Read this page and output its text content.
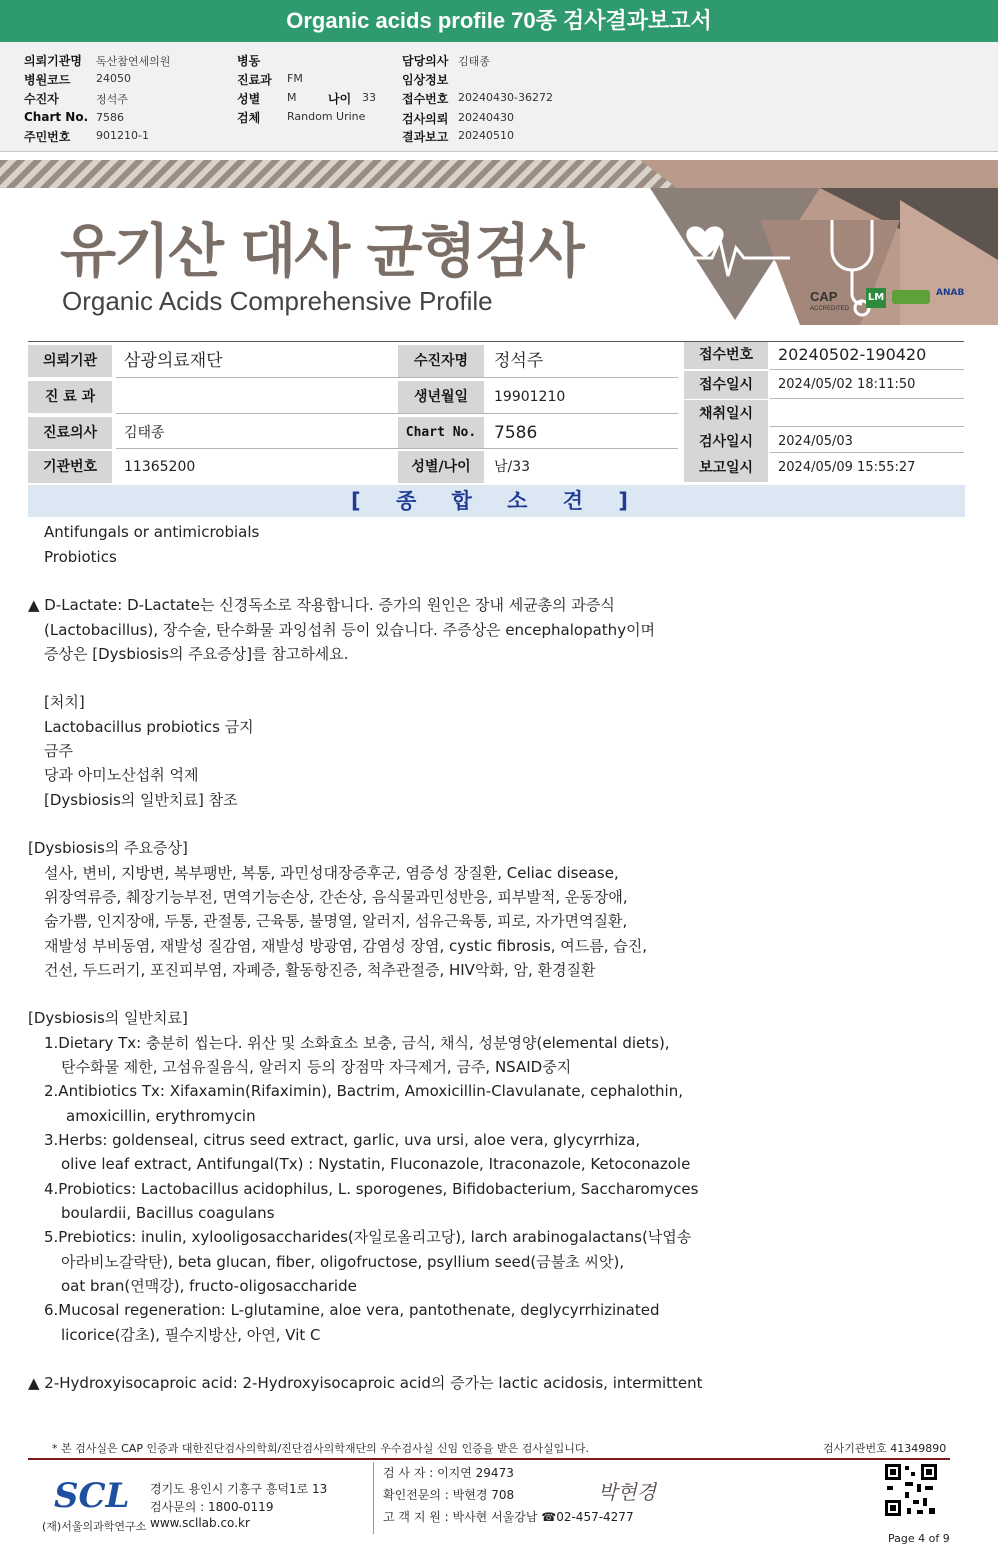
Organic acids profile 70종 검사결과보고서
의뢰기관명 독산참연세의원
병원코드 24050
수진자	정석주
Chart No. 7586
주민번호 901210-1
병동
진료과 FM
성별 M	나이 33
검체 Random Urine
담당의사 김태종
임상정보
접수번호 20240430-36272
검사의뢰 20240430
결과보고 20240510
유기산 대사 균형검사
Organic Acids Comprehensive Profile	CAP
ACCREDITED
LM	ANAB
의뢰기관	삼광의료재단
진 료 과
진료의사	김태종
기관번호	11365200
수진자명	정석주
생년월일	19901210
Chart No.	7586
성별/나이	남/33
접수번호	20240502-190420
접수일시	2024/05/02 18:11:50
채취일시
검사일시	2024/05/03
보고일시	2024/05/09 15:55:27
[ 종 합 소 견 ]
Antifungals or antimicrobials
Probiotics
▲ D-Lactate: D-Lactate는 신경독소로 작용합니다. 증가의 원인은 장내 세균총의 과증식
(Lactobacillus), 장수술, 탄수화물 과잉섭취 등이 있습니다. 주증상은 encephalopathy이며
증상은 [Dysbiosis의 주요증상]를 참고하세요.
[처치]
Lactobacillus probiotics 금지
금주
당과 아미노산섭취 억제
[Dysbiosis의 일반치료] 참조
[Dysbiosis의 주요증상]
설사, 변비, 지방변, 복부팽반, 복통, 과민성대장증후군, 염증성 장질환, Celiac disease,
위장역류증, 췌장기능부전, 면역기능손상, 간손상, 음식물과민성반응, 피부발적, 운동장애,
숨가쁨, 인지장애, 두통, 관절통, 근육통, 불명열, 알러지, 섬유근육통, 피로, 자가면역질환,
재발성 부비동염, 재발성 질감염, 재발성 방광염, 감염성 장염, cystic fibrosis, 여드름, 습진,
건선, 두드러기, 포진피부염, 자폐증, 활동항진증, 척추관절증, HIV악화, 암, 환경질환
[Dysbiosis의 일반치료]
1.Dietary Tx: 충분히 씹는다. 위산 및 소화효소 보충, 금식, 채식, 성분영양(elemental diets),
탄수화물 제한, 고섬유질음식, 알러지 등의 장점막 자극제거, 금주, NSAID중지
2.Antibiotics Tx: Xifaxamin(Rifaximin), Bactrim, Amoxicillin-Clavulanate, cephalothin,
amoxicillin, erythromycin
3.Herbs: goldenseal, citrus seed extract, garlic, uva ursi, aloe vera, glycyrrhiza,
olive leaf extract, Antifungal(Tx) : Nystatin, Fluconazole, Itraconazole, Ketoconazole
4.Probiotics: Lactobacillus acidophilus, L. sporogenes, Bifidobacterium, Saccharomyces
boulardii, Bacillus coagulans
5.Prebiotics: inulin, xylooligosaccharides(자일로올리고당), larch arabinogalactans(낙엽송
아라비노갈락탄), beta glucan, fiber, oligofructose, psyllium seed(금불초 씨앗),
oat bran(연맥강), fructo-oligosaccharide
6.Mucosal regeneration: L-glutamine, aloe vera, pantothenate, deglycyrrhizinated
licorice(감초), 필수지방산, 아연, Vit C
▲ 2-Hydroxyisocaproic acid: 2-Hydroxyisocaproic acid의 증가는 lactic acidosis, intermittent
* 본 검사실은 CAP 인증과 대한진단검사의학회/진단검사의학재단의 우수검사실 신임 인증을 받은 검사실입니다.	검사기관번호 41349890
SCL
(재)서울의과학연구소
경기도 용인시 기흥구 흥덕1로 13
검사문의 : 1800-0119
www.scllab.co.kr
검 사 자 : 이지연 29473
확인전문의 : 박현경 708
고 객 지 원 : 박사현 서울강남 ☎02-457-4277
박현경
Page 4 of 9
